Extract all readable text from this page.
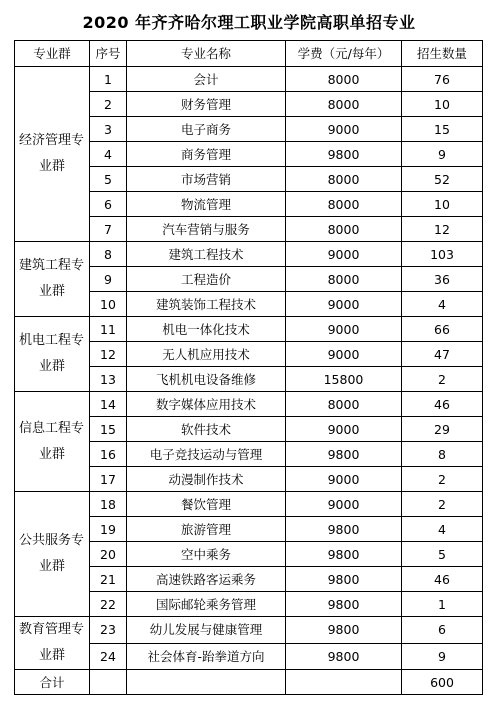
2020 年齐齐哈尔理工职业学院高职单招专业
专业群	序号	专业名称	学费（元/每年）	招生数量

经济管理专
业群	1	会计	8000	76
	2	财务管理	8000	10
	3	电子商务	9000	15
	4	商务管理	9800	9
	5	市场营销	8000	52
	6	物流管理	8000	10
	7	汽车营销与服务	8000	12

建筑工程专
业群	8	建筑工程技术	9000	103
	9	工程造价	8000	36
	10	建筑装饰工程技术	9000	4

机电工程专
业群	11	机电一体化技术	9000	66
	12	无人机应用技术	9000	47
	13	飞机机电设备维修	15800	2

信息工程专
业群	14	数字媒体应用技术	8000	46
	15	软件技术	9000	29
	16	电子竞技运动与管理	9800	8
	17	动漫制作技术	9000	2

公共服务专
业群	18	餐饮管理	9000	2
	19	旅游管理	9800	4
	20	空中乘务	9800	5
	21	高速铁路客运乘务	9800	46
	22	国际邮轮乘务管理	9800	1

教育管理专
业群	23	幼儿发展与健康管理	9800	6
	24	社会体育-跆拳道方向	9800	9
合计				600
